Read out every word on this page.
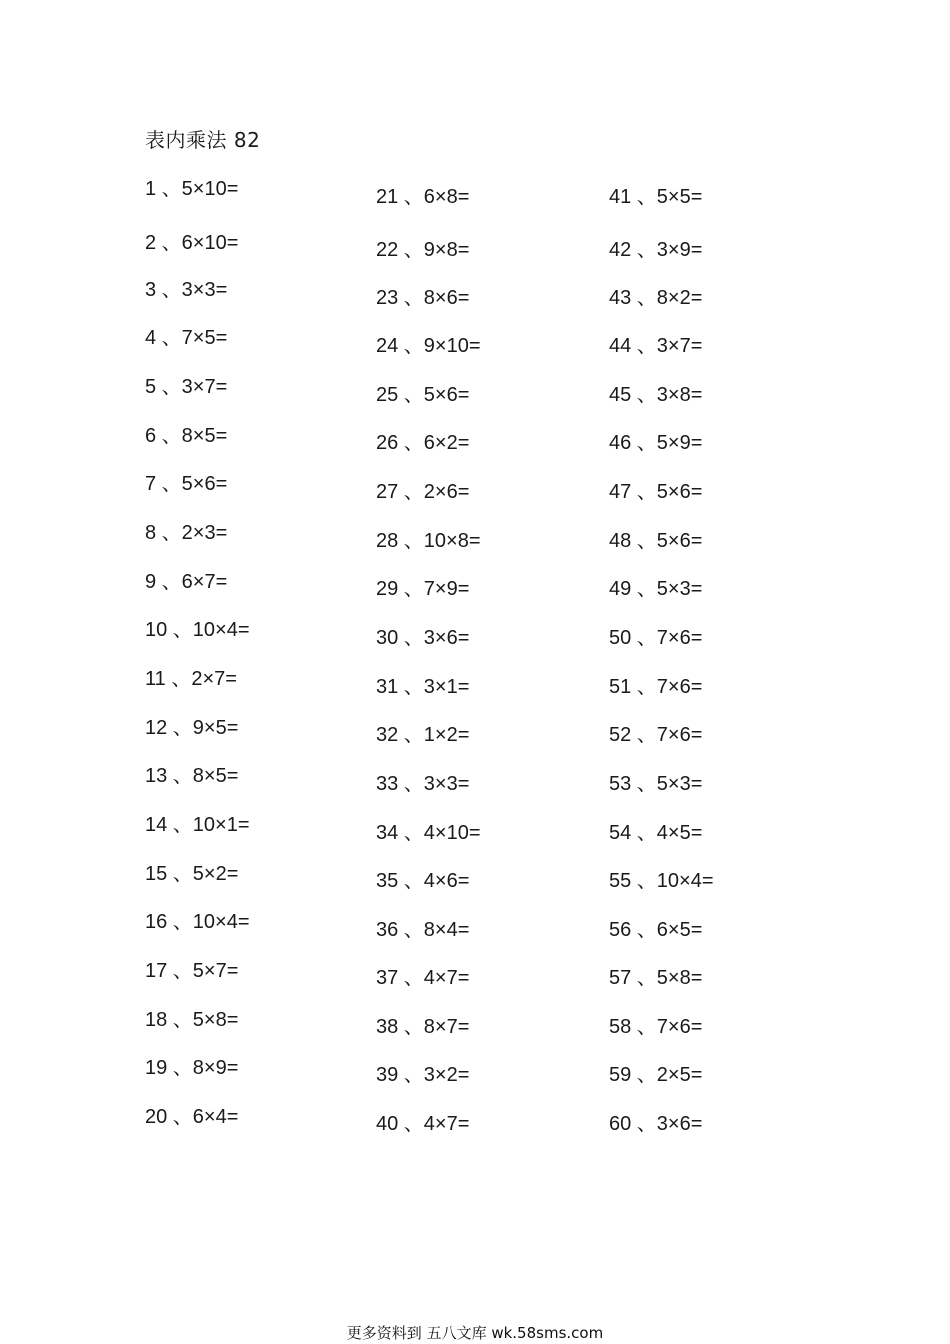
表内乘法 82
1 、5×10=
2 、6×10=
3 、3×3=
4 、7×5=
5 、3×7=
6 、8×5=
7 、5×6=
8 、2×3=
9 、6×7=
10 、10×4=
11 、2×7=
12 、9×5=
13 、8×5=
14 、10×1=
15 、5×2=
16 、10×4=
17 、5×7=
18 、5×8=
19 、8×9=
20 、6×4=
21 、6×8=
22 、9×8=
23 、8×6=
24 、9×10=
25 、5×6=
26 、6×2=
27 、2×6=
28 、10×8=
29 、7×9=
30 、3×6=
31 、3×1=
32 、1×2=
33 、3×3=
34 、4×10=
35 、4×6=
36 、8×4=
37 、4×7=
38 、8×7=
39 、3×2=
40 、4×7=
41 、5×5=
42 、3×9=
43 、8×2=
44 、3×7=
45 、3×8=
46 、5×9=
47 、5×6=
48 、5×6=
49 、5×3=
50 、7×6=
51 、7×6=
52 、7×6=
53 、5×3=
54 、4×5=
55 、10×4=
56 、6×5=
57 、5×8=
58 、7×6=
59 、2×5=
60 、3×6=
更多资料到 五八文库 wk.58sms.com
